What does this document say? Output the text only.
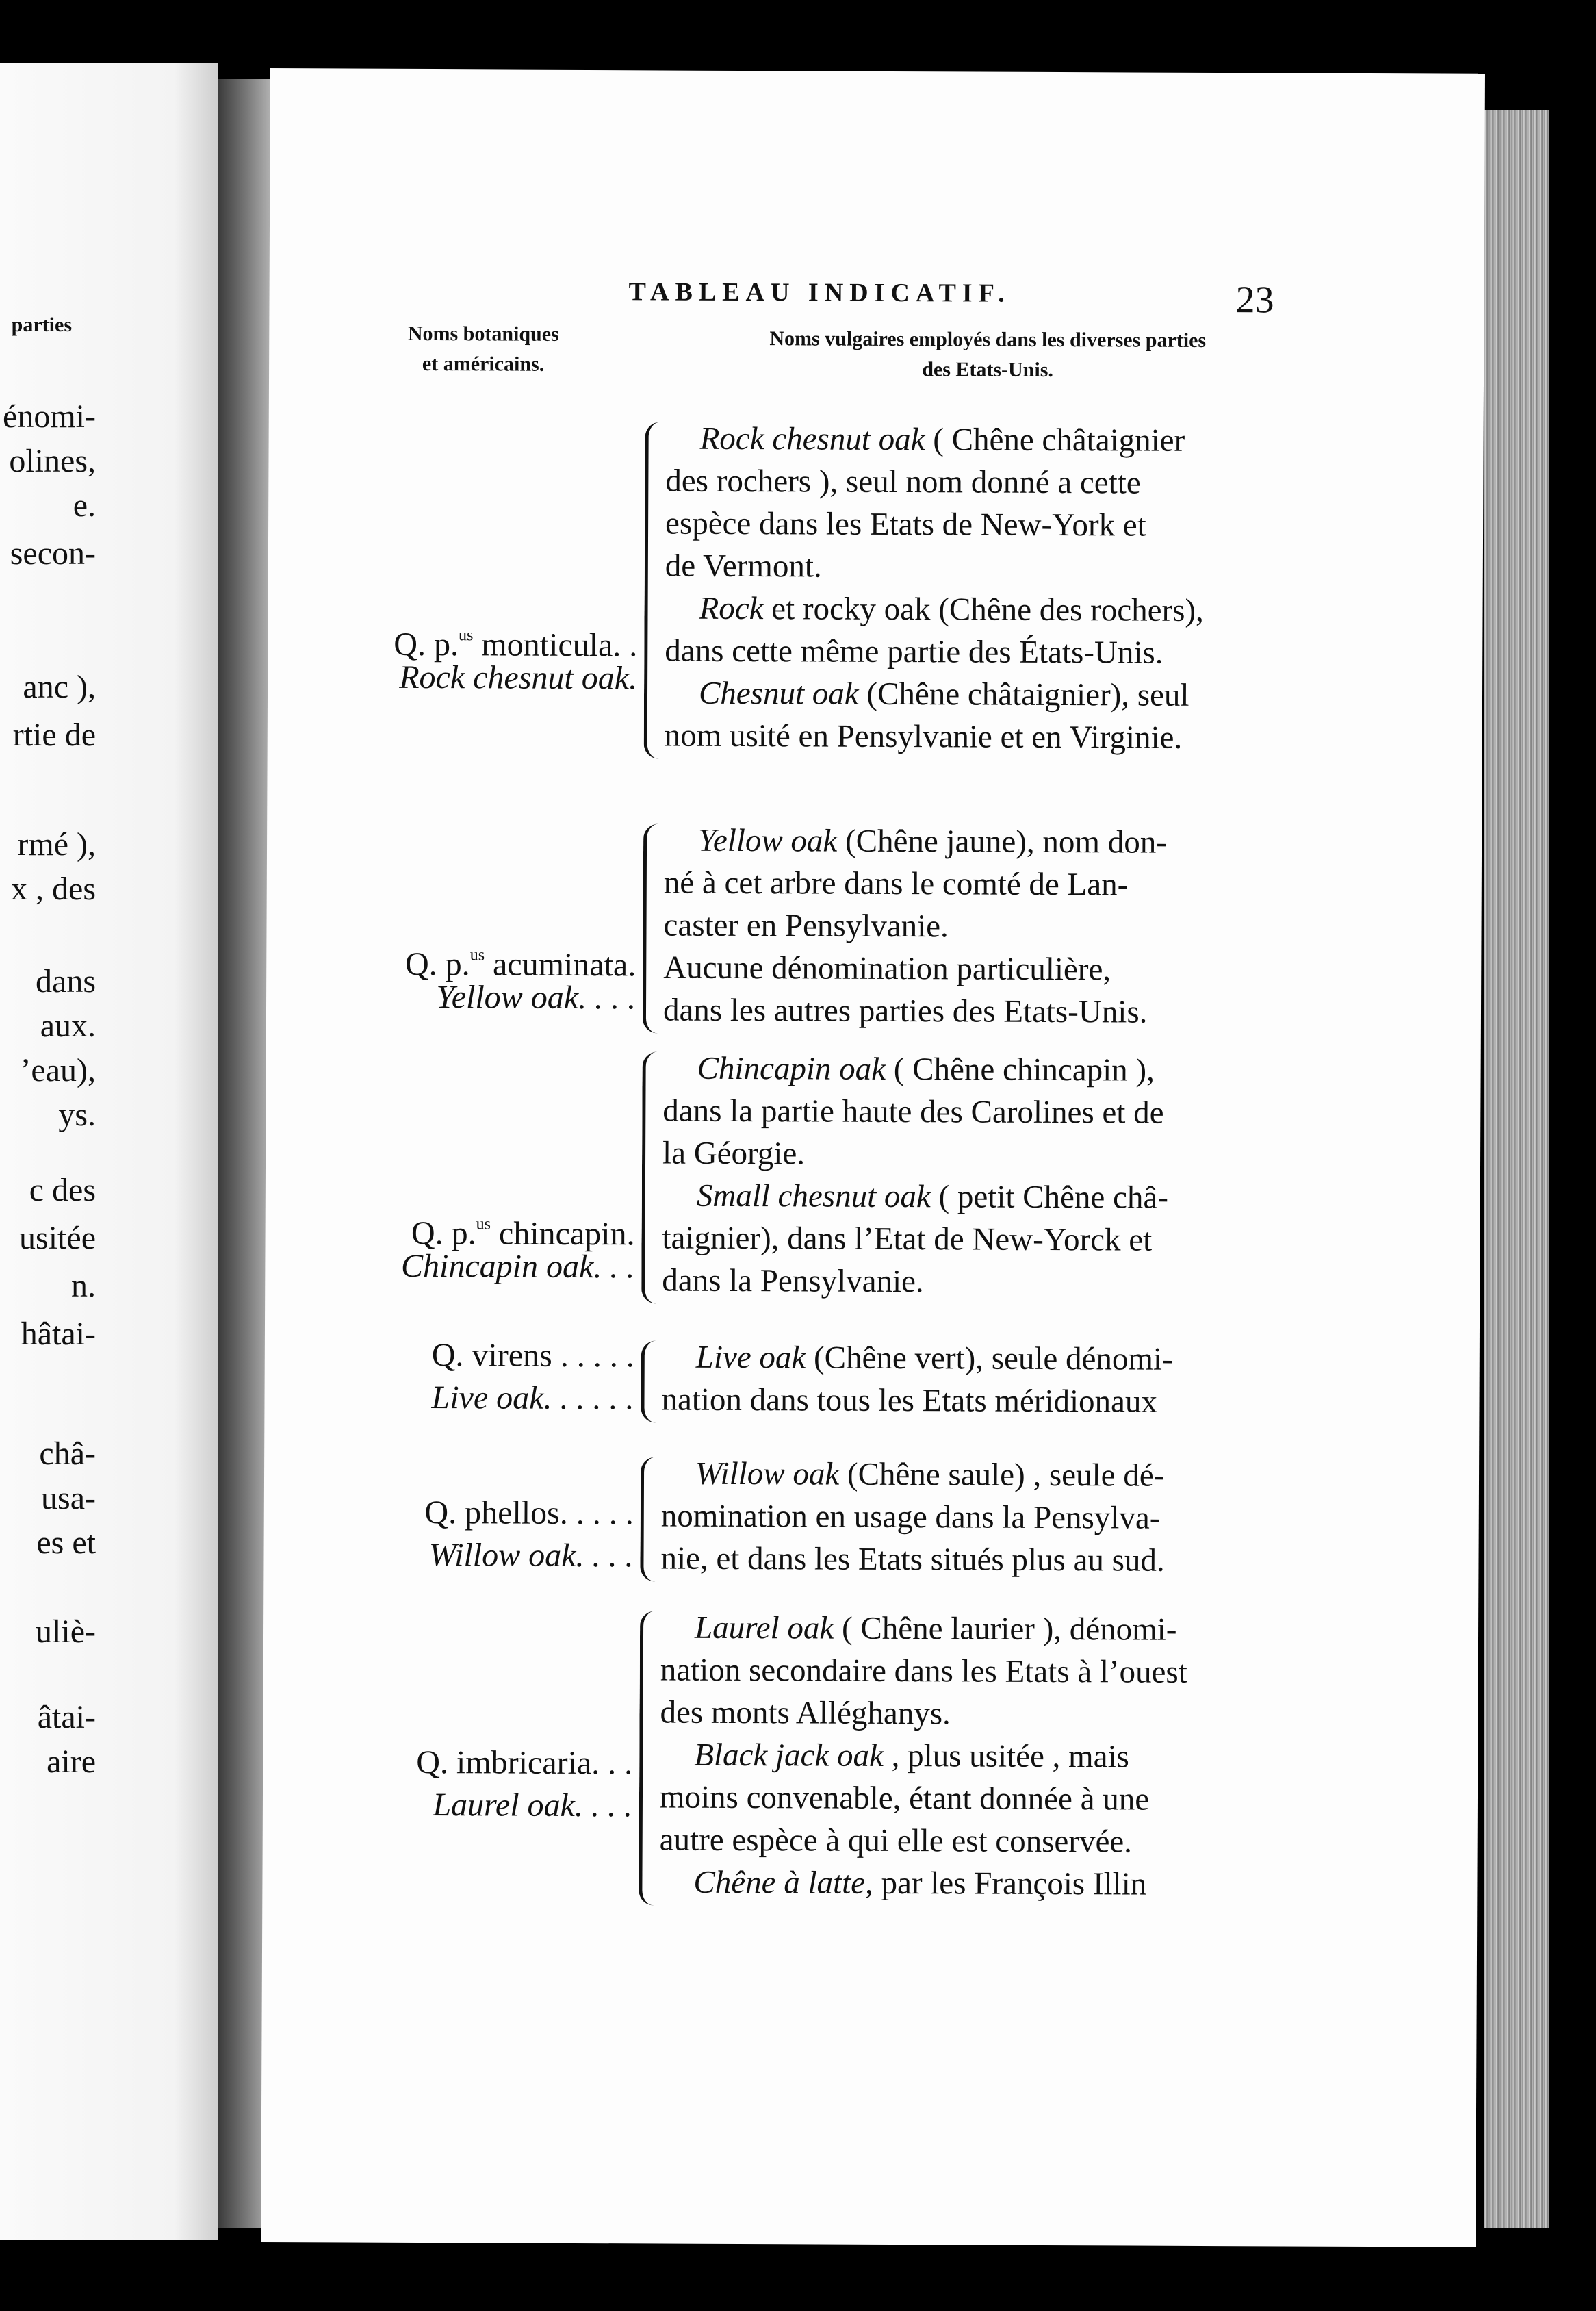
parties
énomi-
olines,
e.
secon-
anc ),
rtie de
rmé ),
x , des
dans
aux.
’eau),
ys.
c des
usitée
n.
hâtai-
châ-
usa-
es et
uliè-
âtai-
aire
TABLEAU INDICATIF.	23
Noms botaniques
et américains.
Noms vulgaires employés dans les diverses parties
des Etats-Unis.
Q. p.$^{us}$ monticula. .
Rock chesnut oak.
Rock chesnut oak ( Chêne châtaignier
des rochers ), seul nom donné a cette
espèce dans les Etats de New-York et
de Vermont.
Rock et rocky oak (Chêne des rochers),
dans cette même partie des États-Unis.
Chesnut oak (Chêne châtaignier), seul
nom usité en Pensylvanie et en Virginie.
Q. p.$^{us}$ acuminata.
Yellow oak. . . .
Yellow oak (Chêne jaune), nom don-
né à cet arbre dans le comté de Lan-
caster en Pensylvanie.
Aucune dénomination particulière,
dans les autres parties des Etats-Unis.
Q. p.$^{us}$ chincapin.
Chincapin oak. . .
Chincapin oak ( Chêne chincapin ),
dans la partie haute des Carolines et de
la Géorgie.
Small chesnut oak ( petit Chêne châ-
taignier), dans l’Etat de New-Yorck et
dans la Pensylvanie.
Q. virens . . . . .
Live oak. . . . . .
Live oak (Chêne vert), seule dénomi-
nation dans tous les Etats méridionaux
Q. phellos. . . . .
Willow oak. . . .
Willow oak (Chêne saule) , seule dé-
nomination en usage dans la Pensylva-
nie, et dans les Etats situés plus au sud.
Q. imbricaria. . .
Laurel oak. . . .
Laurel oak ( Chêne laurier ), dénomi-
nation secondaire dans les Etats à l’ouest
des monts Alléghanys.
Black jack oak , plus usitée , mais
moins convenable, étant donnée à une
autre espèce à qui elle est conservée.
Chêne à latte, par les François Illin
